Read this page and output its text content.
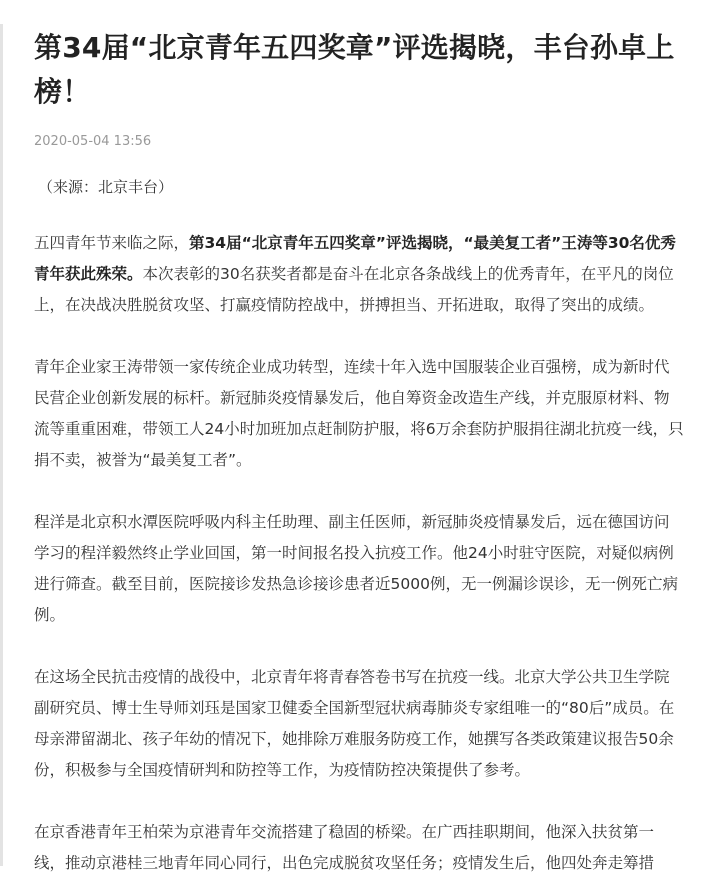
第34届“北京青年五四奖章”评选揭晓，丰台孙卓上榜！
2020-05-04 13:56
（来源：北京丰台）

五四青年节来临之际，第34届“北京青年五四奖章”评选揭晓，“最美复工者”王涛等30名优秀青年获此殊荣。本次表彰的30名获奖者都是奋斗在北京各条战线上的优秀青年，在平凡的岗位上，在决战决胜脱贫攻坚、打赢疫情防控战中，拼搏担当、开拓进取，取得了突出的成绩。

青年企业家王涛带领一家传统企业成功转型，连续十年入选中国服装企业百强榜，成为新时代民营企业创新发展的标杆。新冠肺炎疫情暴发后，他自筹资金改造生产线，并克服原材料、物流等重重困难，带领工人24小时加班加点赶制防护服，将6万余套防护服捐往湖北抗疫一线，只捐不卖，被誉为“最美复工者”。

程洋是北京积水潭医院呼吸内科主任助理、副主任医师，新冠肺炎疫情暴发后，远在德国访问学习的程洋毅然终止学业回国，第一时间报名投入抗疫工作。他24小时驻守医院，对疑似病例进行筛查。截至目前，医院接诊发热急诊接诊患者近5000例，无一例漏诊误诊，无一例死亡病例。

在这场全民抗击疫情的战役中，北京青年将青春答卷书写在抗疫一线。北京大学公共卫生学院副研究员、博士生导师刘珏是国家卫健委全国新型冠状病毒肺炎专家组唯一的“80后”成员。在母亲滞留湖北、孩子年幼的情况下，她排除万难服务防疫工作，她撰写各类政策建议报告50余份，积极参与全国疫情研判和防控等工作，为疫情防控决策提供了参考。

在京香港青年王柏荣为京港青年交流搭建了稳固的桥梁。在广西挂职期间，他深入扶贫第一线，推动京港桂三地青年同心同行，出色完成脱贫攻坚任务；疫情发生后，他四处奔走筹措
